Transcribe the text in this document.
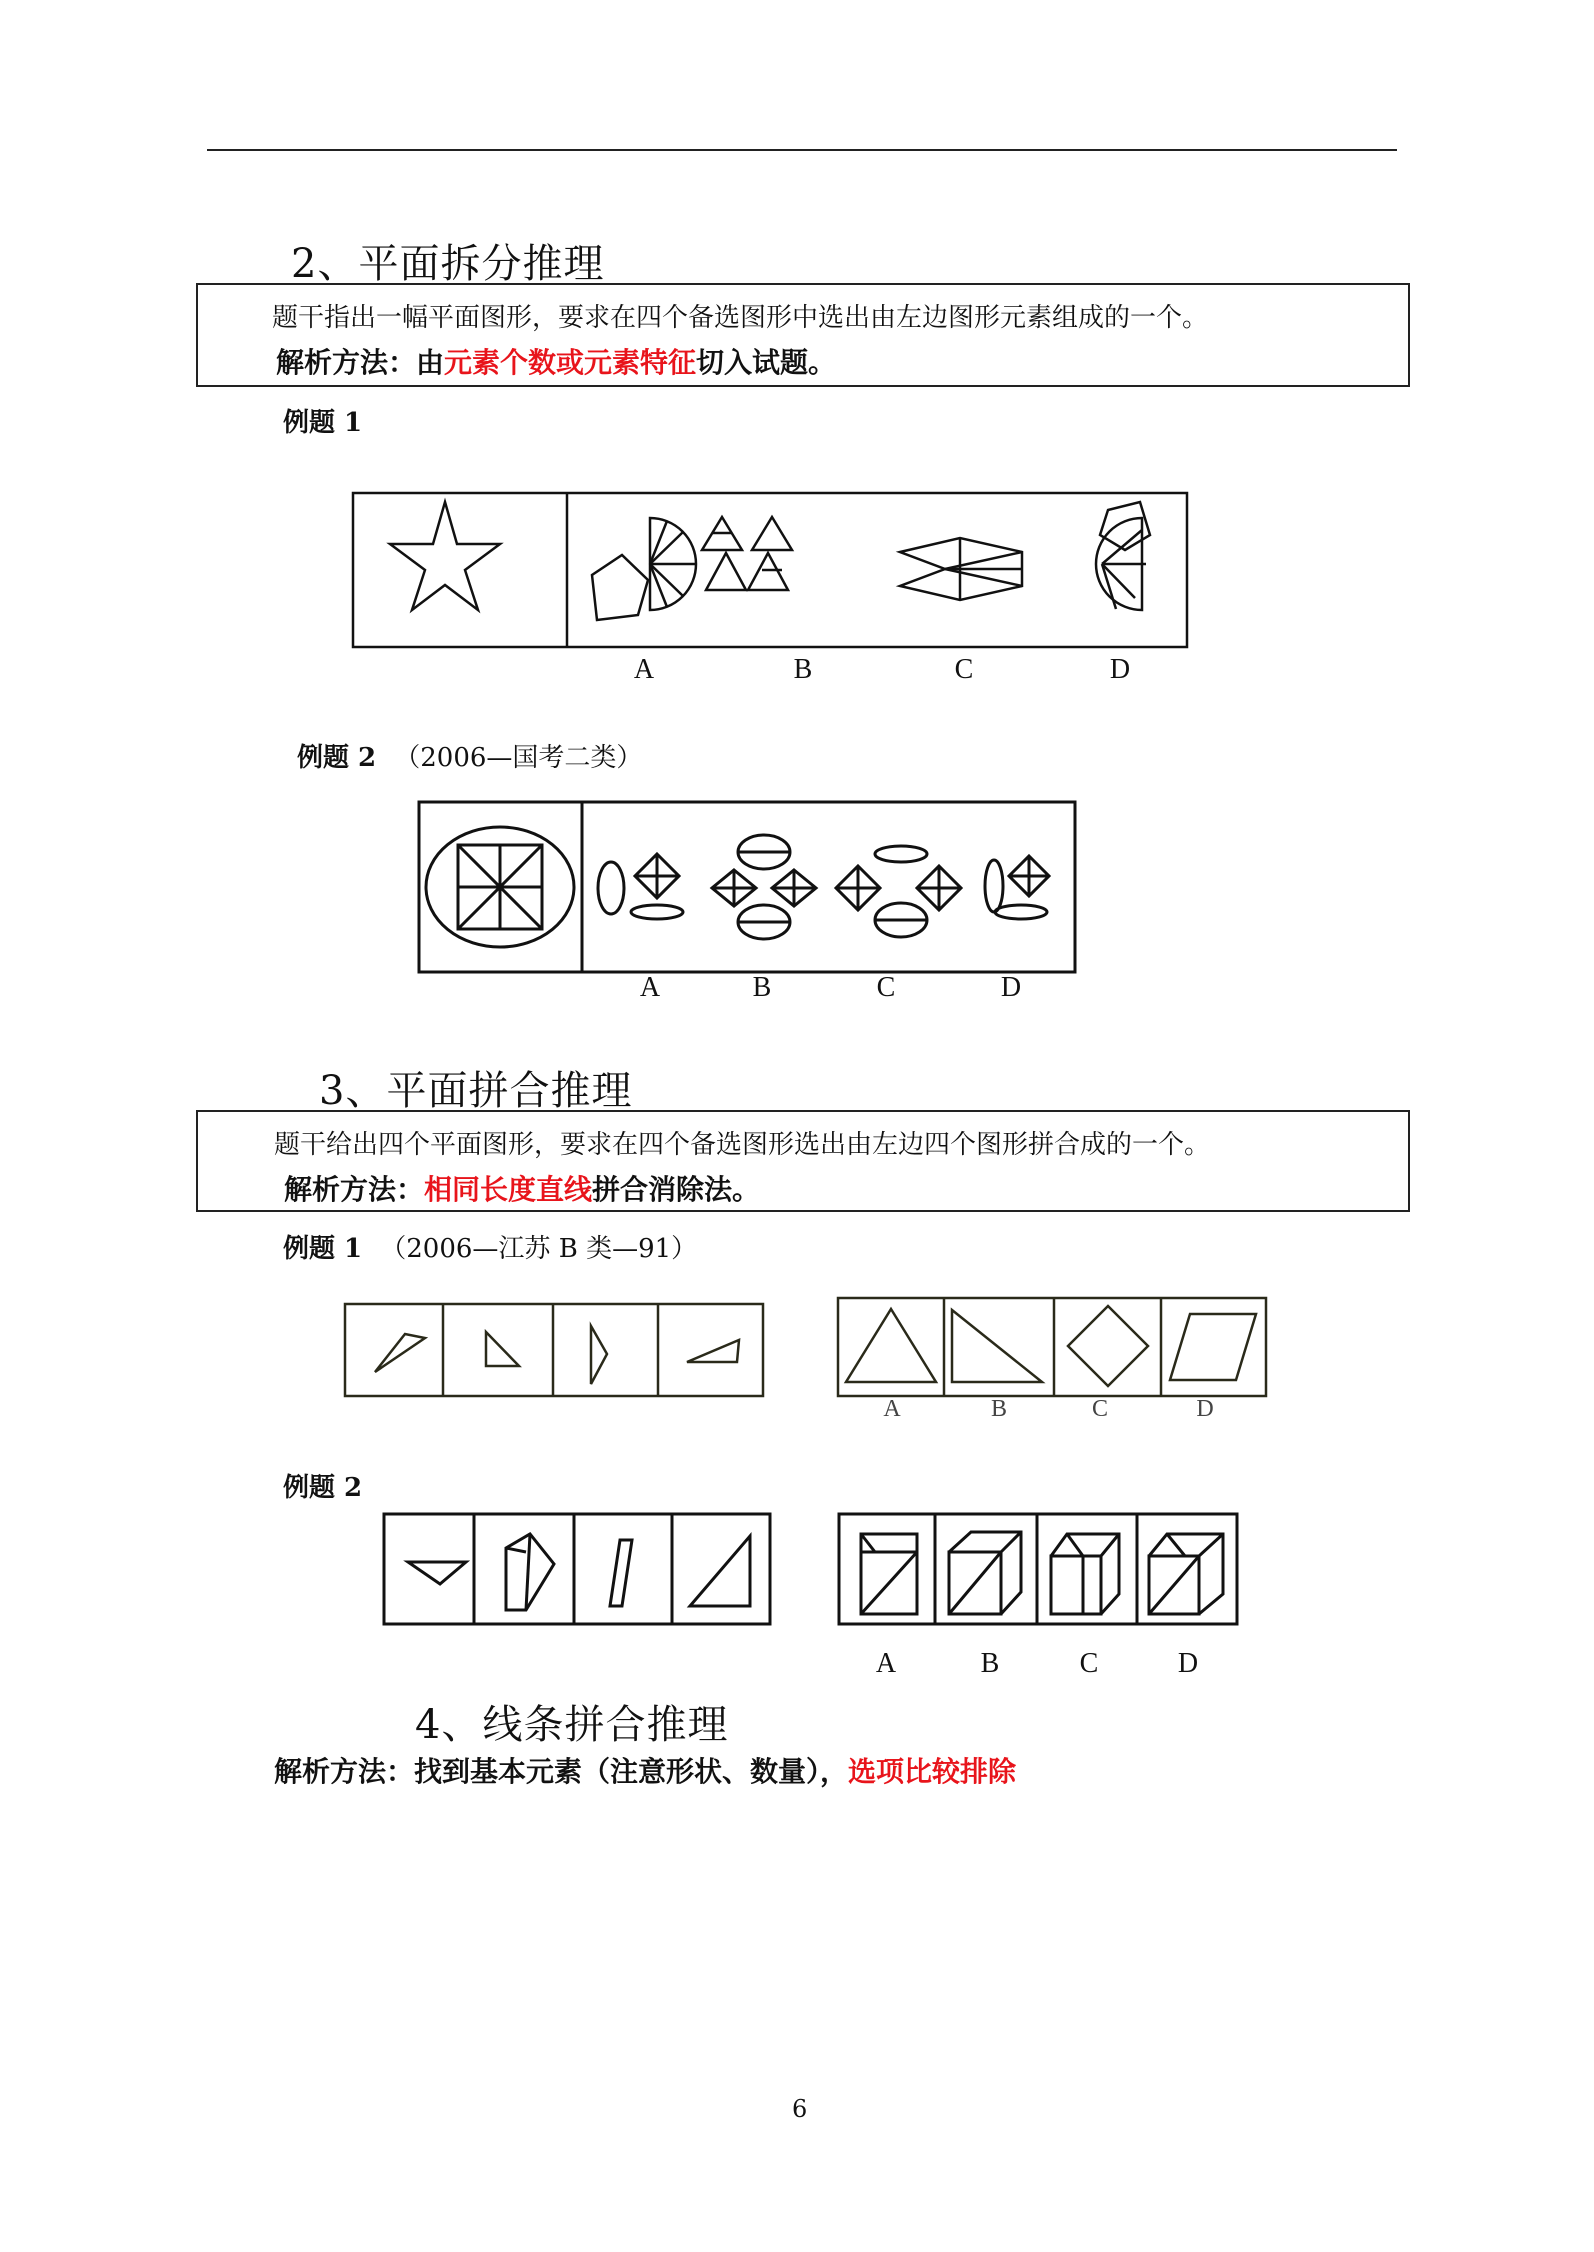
2、平面拆分推理
题干指出一幅平面图形，要求在四个备选图形中选出由左边图形元素组成的一个。
解析方法：由元素个数或元素特征切入试题。
例题 1
A	B	C	D
例题 2 （2006—国考二类）
A	B	C	D
3、平面拼合推理
题干给出四个平面图形，要求在四个备选图形选出由左边四个图形拼合成的一个。
解析方法：相同长度直线拼合消除法。
例题 1 （2006—江苏 B 类—91）
A	B	C	D
例题 2
A	B	C	D
4、线条拼合推理
解析方法：找到基本元素（注意形状、数量），选项比较排除
6
